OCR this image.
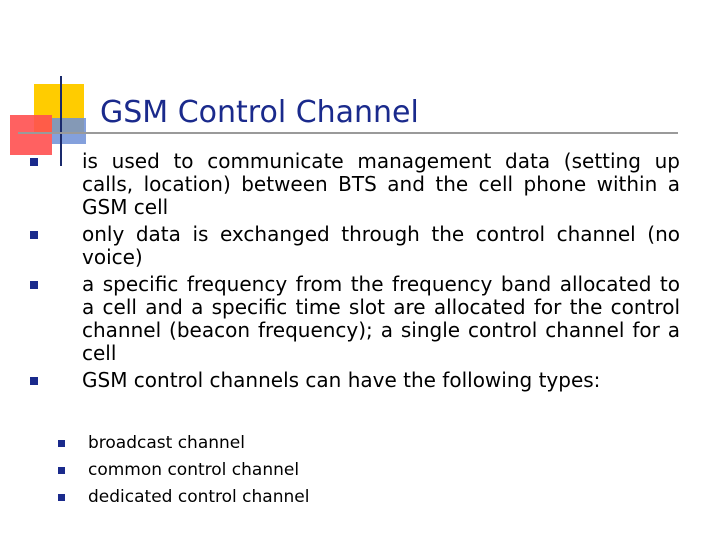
GSM Control Channel
is used to communicate management data (setting up calls, location) between BTS and the cell phone within a GSM cell
only data is exchanged through the control channel (no voice)
a specific frequency from the frequency band allocated to a cell and a specific time slot are allocated for the control channel (beacon frequency); a single control channel for a cell
GSM control channels can have the following types:
broadcast channel
common control channel
dedicated control channel
